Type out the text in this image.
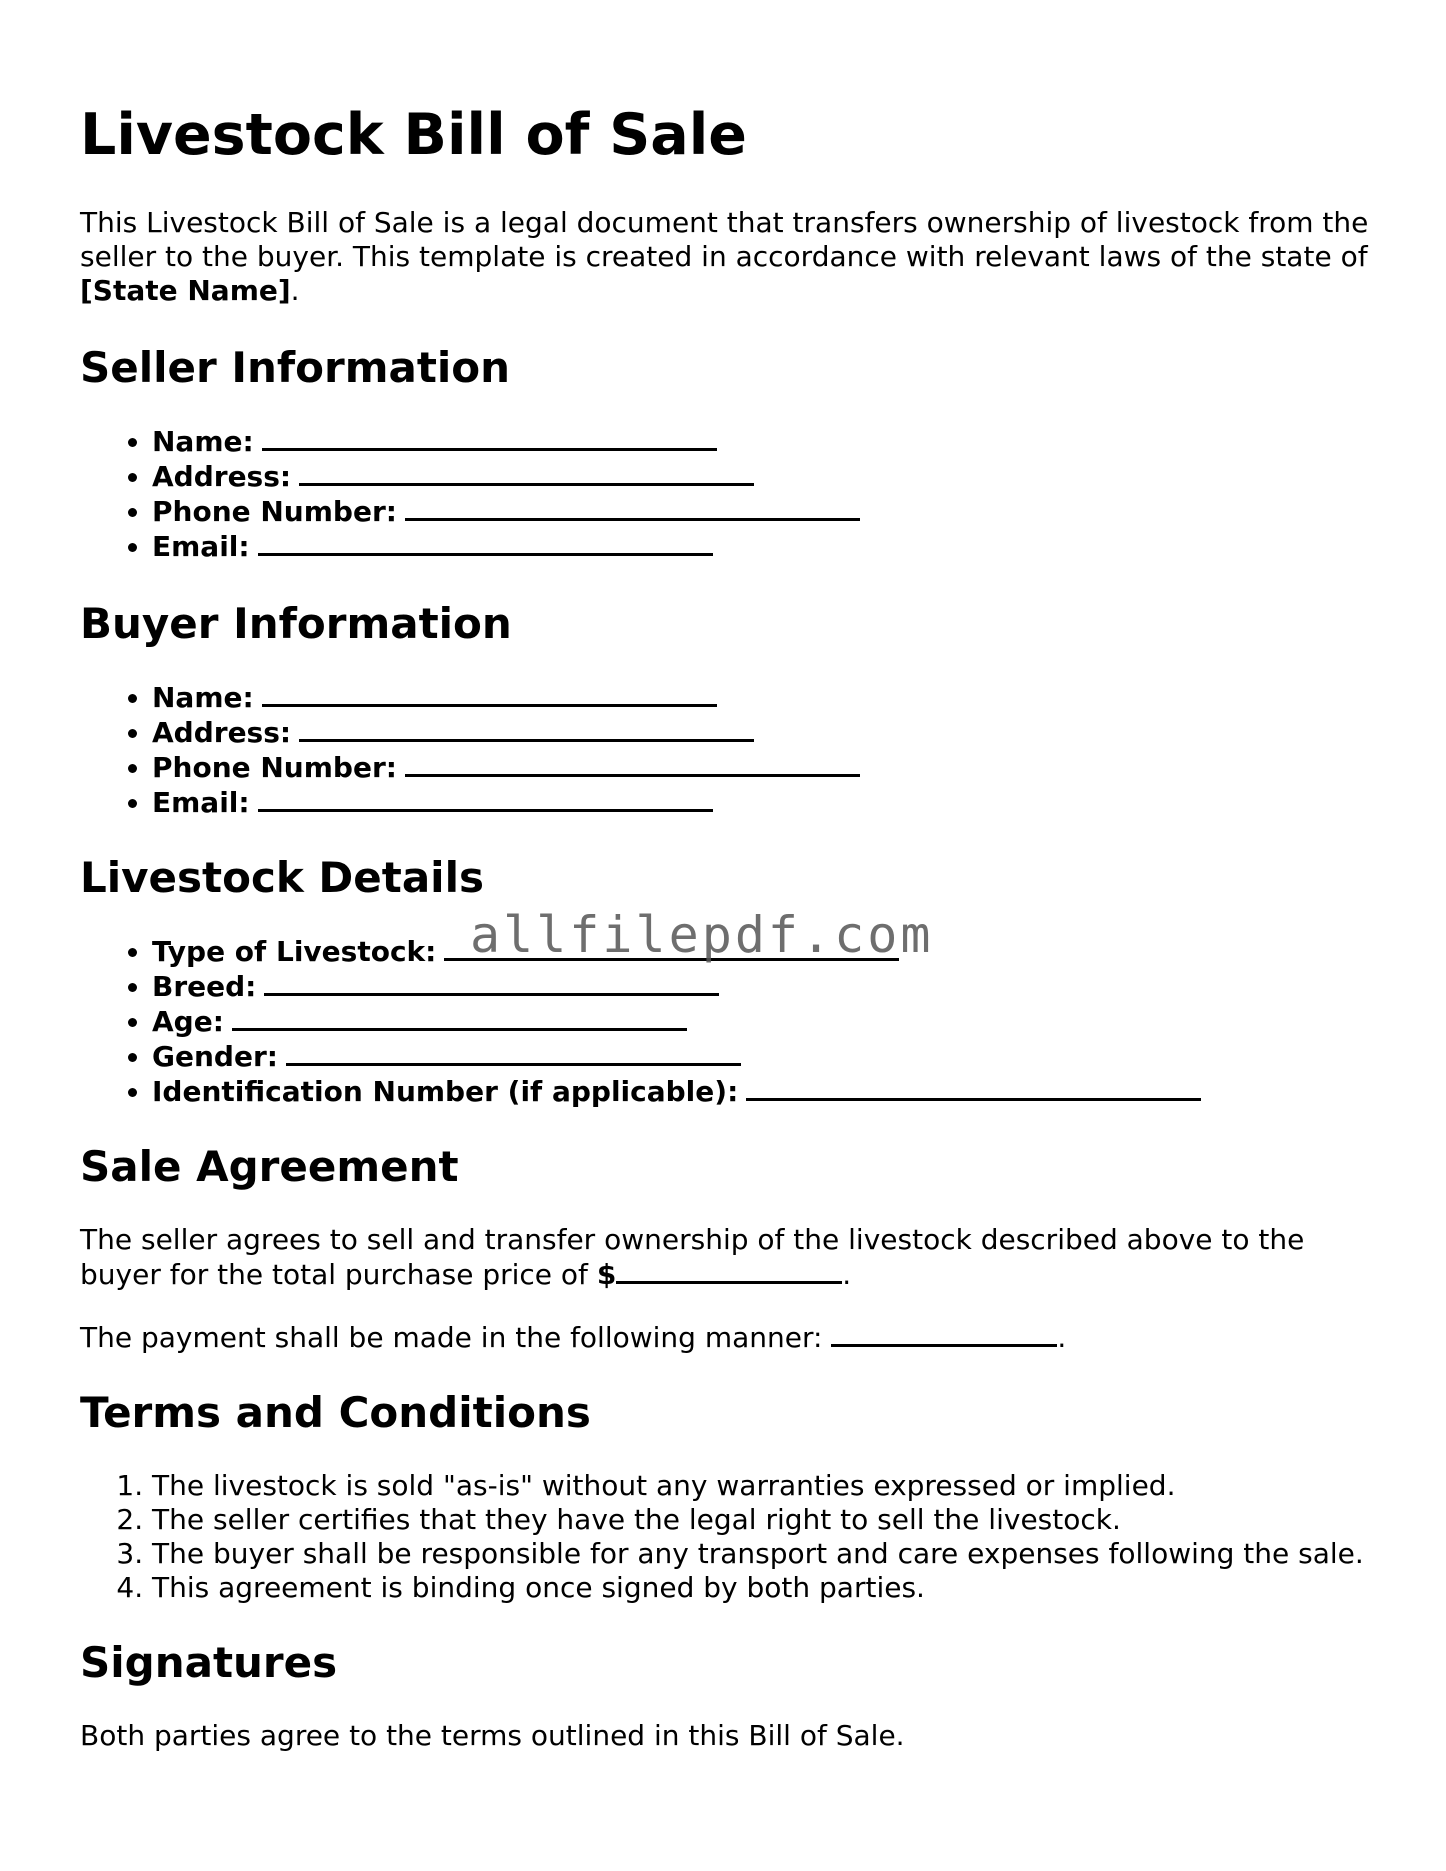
Livestock Bill of Sale

This Livestock Bill of Sale is a legal document that transfers ownership of livestock from the seller to the buyer. This template is created in accordance with relevant laws of the state of [State Name].

Seller Information
• Name:
• Address:
• Phone Number:
• Email:
Buyer Information
• Name:
• Address:
• Phone Number:
• Email:
Livestock Details
• Type of Livestock:
• Breed:
• Age:
• Gender:
• Identification Number (if applicable):
Sale Agreement

The seller agrees to sell and transfer ownership of the livestock described above to the buyer for the total purchase price of $	.

The payment shall be made in the following manner:	.

Terms and Conditions
1. The livestock is sold "as-is" without any warranties expressed or implied.
2. The seller certifies that they have the legal right to sell the livestock.
3. The buyer shall be responsible for any transport and care expenses following the sale.
4. This agreement is binding once signed by both parties.
Signatures

Both parties agree to the terms outlined in this Bill of Sale.

allfilepdf.com
